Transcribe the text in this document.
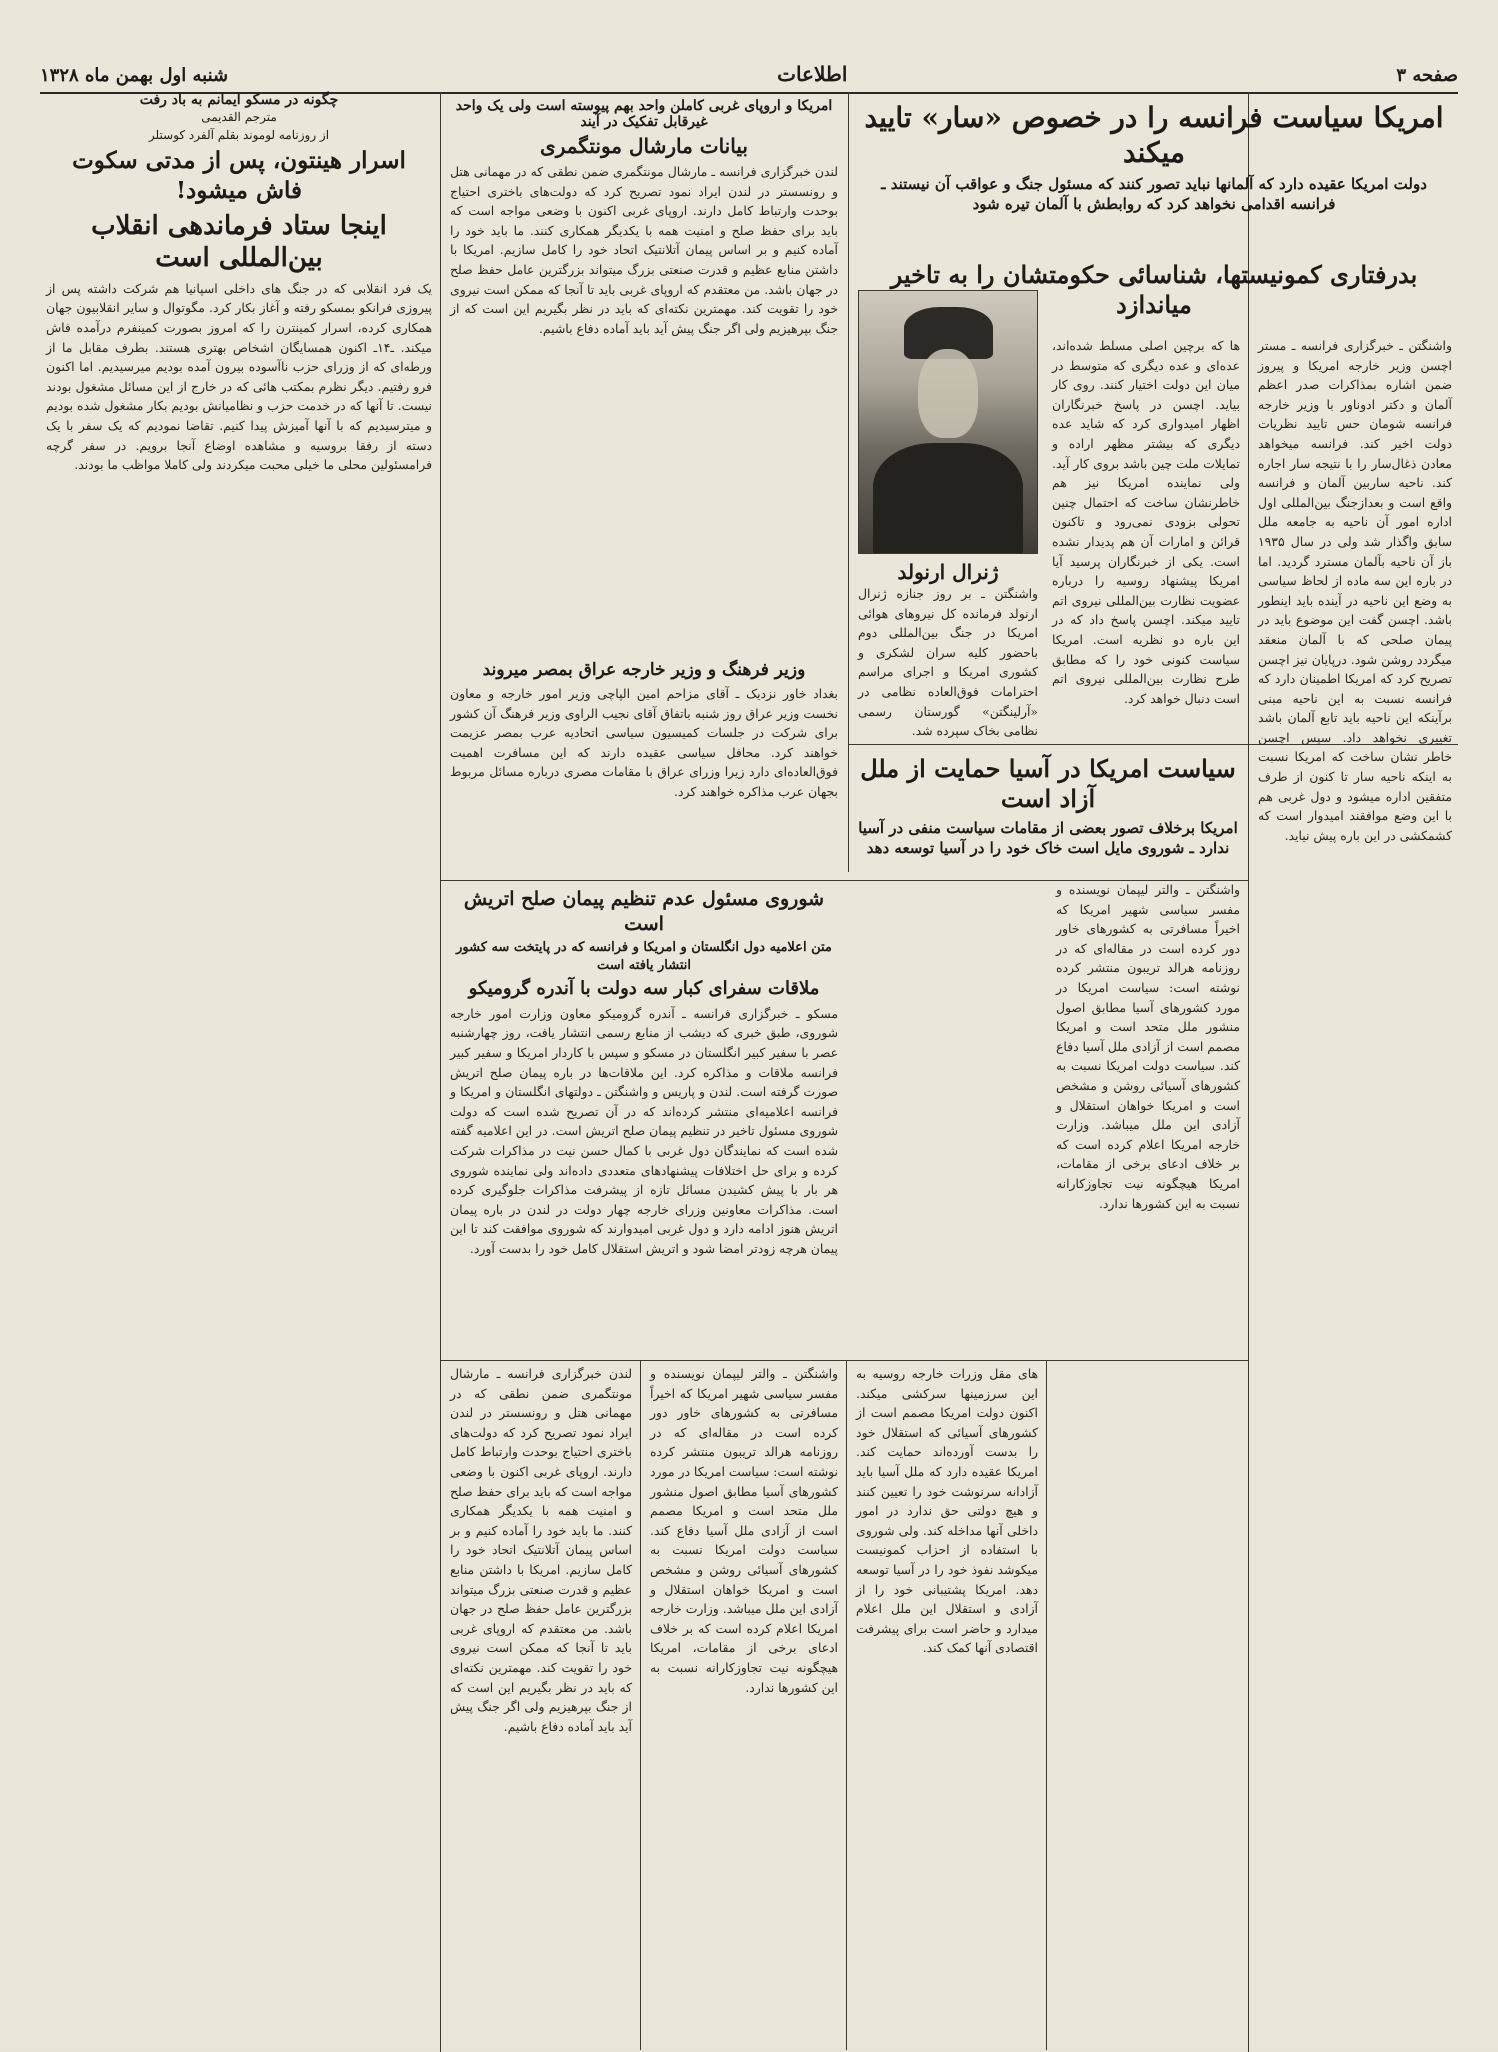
صفحه ۳
اطلاعات
شنبه اول بهمن ماه ۱۳۲۸
امریکا سیاست فرانسه را در خصوص «سار» تایید میکند
دولت امریکا عقیده دارد که آلمانها نباید تصور کنند که مسئول جنگ و عواقب آن نیستند ـ فرانسه اقدامی نخواهد کرد که روابطش با آلمان تیره شود
بدرفتاری کمونیستها، شناسائی حکومتشان را به تاخیر میاندازد
واشنگتن ـ خبرگزاری فرانسه ـ مستر اچسن وزیر خارجه امریکا و پیروز ضمن اشاره بمذاکرات صدر اعظم آلمان و دکتر ادوناور با وزیر خارجه فرانسه شومان حس تایید نظریات دولت اخیر کند. فرانسه میخواهد معادن ذغال‌سار را با نتیجه سار اجاره کند. ناحیه ساربین آلمان و فرانسه واقع است و بعدازجنگ بین‌المللی اول اداره امور آن ناحیه به جامعه ملل سابق واگذار شد ولی در سال ۱۹۳۵ باز آن ناحیه بآلمان مسترد گردید. اما در باره این سه ماده از لحاظ سیاسی به وضع این ناحیه در آینده باید اینطور باشد. اچسن گفت این موضوع باید در پیمان صلحی که با آلمان منعقد میگردد روشن شود. درپایان نیز اچسن تصریح کرد که امریکا اطمینان دارد که فرانسه نسبت به این ناحیه مبنی برآینکه این ناحیه باید تابع آلمان باشد تغییری نخواهد داد. سپس اچسن خاطر نشان ساخت که امریکا نسبت به اینکه ناحیه سار تا کنون از طرف متفقین اداره میشود و دول غربی هم با این وضع موافقند امیدوار است که کشمکشی در این باره پیش نیاید.
ها که برچین اصلی مسلط شده‌اند، عده‌ای و عده دیگری که متوسط در میان این دولت اختیار کنند. روی کار بیاید. اچسن در پاسخ خبرنگاران اظهار امیدواری کرد که شاید عده دیگری که بیشتر مظهر اراده و تمایلات ملت چین باشد بروی کار آید. ولی نماینده امریکا نیز هم خاطرنشان ساخت که احتمال چنین تحولی بزودی نمی‌رود و تاکنون قرائن و امارات آن هم پدیدار نشده است. یکی از خبرنگاران پرسید آیا امریکا پیشنهاد روسیه را درباره عضویت نظارت بین‌المللی نیروی اتم تایید میکند. اچسن پاسخ داد که در این باره دو نظریه است. امریکا سیاست کنونی خود را که مطابق طرح نظارت بین‌المللی نیروی اتم است دنبال خواهد کرد.
ژنرال ارنولد
واشنگتن ـ بر روز جنازه ژنرال ارنولد فرمانده کل نیروهای هوائی امریکا در جنگ بین‌المللی دوم باحضور کلیه سران لشکری و کشوری امریکا و اجرای مراسم احترامات فوق‌العاده نظامی در «آرلینگتن» گورستان رسمی نظامی بخاک سپرده شد.
سیاست امریکا در آسیا حمایت از ملل آزاد است
امریکا برخلاف تصور بعضی از مقامات سیاست منفی در آسیا ندارد ـ شوروی مایل است خاک خود را در آسیا توسعه دهد
واشنگتن ـ والتر لیپمان نویسنده و مفسر سیاسی شهیر امریکا که اخیراً مسافرتی به کشورهای خاور دور کرده است در مقاله‌ای که در روزنامه هرالد تریبون منتشر کرده نوشته است: سیاست امریکا در مورد کشورهای آسیا مطابق اصول منشور ملل متحد است و امریکا مصمم است از آزادی ملل آسیا دفاع کند. سیاست دولت امریکا نسبت به کشورهای آسیائی روشن و مشخص است و امریکا خواهان استقلال و آزادی این ملل میباشد. وزارت خارجه امریکا اعلام کرده است که بر خلاف ادعای برخی از مقامات، امریکا هیچگونه نیت تجاوزکارانه نسبت به این کشورها ندارد.
امریکا و اروپای غربی کاملن واحد بهم پیوسته است ولی یک واحد غیرقابل تفکیک در آیند
بیانات مارشال مونتگمری
لندن خبرگزاری فرانسه ـ مارشال مونتگمری ضمن نطقی که در مهمانی هتل و رونسستر در لندن ایراد نمود تصریح کرد که دولت‌های باختری احتیاج بوحدت وارتباط کامل دارند. اروپای غربی اکنون با وضعی مواجه است که باید برای حفظ صلح و امنیت همه با یکدیگر همکاری کنند. ما باید خود را آماده کنیم و بر اساس پیمان آتلانتیک اتحاد خود را کامل سازیم. امریکا با داشتن منابع عظیم و قدرت صنعتی بزرگ میتواند بزرگترین عامل حفظ صلح در جهان باشد. من معتقدم که اروپای غربی باید تا آنجا که ممکن است نیروی خود را تقویت کند. مهمترین نکته‌ای که باید در نظر بگیریم این است که از جنگ بپرهیزیم ولی اگر جنگ پیش آید باید آماده دفاع باشیم.
وزیر فرهنگ و وزیر خارجه عراق بمصر میروند
بغداد خاور نزدیک ـ آقای مزاحم امین الپاچی وزیر امور خارجه و معاون نخست وزیر عراق روز شنبه باتفاق آقای نجیب الراوی وزیر فرهنگ آن کشور برای شرکت در جلسات کمیسیون سیاسی اتحادیه عرب بمصر عزیمت خواهند کرد. محافل سیاسی عقیده دارند که این مسافرت اهمیت فوق‌العاده‌ای دارد زیرا وزرای عراق با مقامات مصری درباره مسائل مربوط بجهان عرب مذاکره خواهند کرد.
چگونه در مسکو ایمانم به باد رفت
مترجم القدیمی
از روزنامه لوموند بقلم آلفرد کوستلر
اسرار هینتون، پس از مدتی سکوت فاش میشود!
اینجا ستاد فرماندهی انقلاب بین‌المللی است
یک فرد انقلابی که در جنگ های داخلی اسپانیا هم شرکت داشته پس از پیروزی فرانکو بمسکو رفته و آغاز بکار کرد. مگوتوال و سایر انقلابیون جهان همکاری کرده، اسرار کمینترن را که امروز بصورت کمینفرم درآمده فاش میکند. ـ۱۴ـ اکنون همسایگان اشخاص بهتری هستند. بطرف مقابل ما از ورطه‌ای که از وزرای حزب ناآسوده بیرون آمده بودیم میرسیدیم. اما اکنون فرو رفتیم. دیگر نظرم بمکتب هائی که در خارج از این مسائل مشغول بودند نیست. تا آنها که در خدمت حزب و نظامیانش بودیم بکار مشغول شده بودیم و میترسیدیم که با آنها آمیزش پیدا کنیم. تقاضا نمودیم که یک سفر با یک دسته از رفقا بروسیه و مشاهده اوضاع آنجا برویم. در سفر گرچه فرامسئولین محلی ما خیلی محبت میکردند ولی کاملا مواظب ما بودند.
شوروی مسئول عدم تنظیم پیمان صلح اتریش است
متن اعلامیه دول انگلستان و امریکا و فرانسه که در پایتخت سه کشور انتشار یافته است
ملاقات سفرای کبار سه دولت با آندره گرومیکو
مسکو ـ خبرگزاری فرانسه ـ آندره گرومیکو معاون وزارت امور خارجه شوروی، طبق خبری که دیشب از منابع رسمی انتشار یافت، روز چهارشنبه عصر با سفیر کبیر انگلستان در مسکو و سپس با کاردار امریکا و سفیر کبیر فرانسه ملاقات و مذاکره کرد. این ملاقات‌ها در باره پیمان صلح اتریش صورت گرفته است. لندن و پاریس و واشنگتن ـ دولتهای انگلستان و امریکا و فرانسه اعلامیه‌ای منتشر کرده‌اند که در آن تصریح شده است که دولت شوروی مسئول تاخیر در تنظیم پیمان صلح اتریش است. در این اعلامیه گفته شده است که نمایندگان دول غربی با کمال حسن نیت در مذاکرات شرکت کرده و برای حل اختلافات پیشنهادهای متعددی داده‌اند ولی نماینده شوروی هر بار با پیش کشیدن مسائل تازه از پیشرفت مذاکرات جلوگیری کرده است. مذاکرات معاونین وزرای خارجه چهار دولت در لندن در باره پیمان اتریش هنوز ادامه دارد و دول غربی امیدوارند که شوروی موافقت کند تا این پیمان هرچه زودتر امضا شود و اتریش استقلال کامل خود را بدست آورد.
هاى مقل وزرات خارجه روسيه به این سرزمینها سرکشی میکند. اکنون دولت امریکا مصمم است از کشورهای آسیائی که استقلال خود را بدست آورده‌اند حمایت کند. امریکا عقیده دارد که ملل آسیا باید آزادانه سرنوشت خود را تعیین کنند و هیچ دولتی حق ندارد در امور داخلی آنها مداخله کند. ولی شوروی با استفاده از احزاب کمونیست میکوشد نفوذ خود را در آسیا توسعه دهد. امریکا پشتیبانی خود را از آزادی و استقلال این ملل اعلام میدارد و حاضر است برای پیشرفت اقتصادی آنها کمک کند.
واشنگتن ـ والتر لیپمان نویسنده و مفسر سیاسی شهیر امریکا که اخیراً مسافرتی به کشورهای خاور دور کرده است در مقاله‌ای که در روزنامه هرالد تریبون منتشر کرده نوشته است: سیاست امریکا در مورد کشورهای آسیا مطابق اصول منشور ملل متحد است و امریکا مصمم است از آزادی ملل آسیا دفاع کند. سیاست دولت امریکا نسبت به کشورهای آسیائی روشن و مشخص است و امریکا خواهان استقلال و آزادی این ملل میباشد. وزارت خارجه امریکا اعلام کرده است که بر خلاف ادعای برخی از مقامات، امریکا هیچگونه نیت تجاوزکارانه نسبت به این کشورها ندارد.
لندن خبرگزاری فرانسه ـ مارشال مونتگمری ضمن نطقی که در مهمانی هتل و رونسستر در لندن ایراد نمود تصریح کرد که دولت‌های باختری احتیاج بوحدت وارتباط کامل دارند. اروپای غربی اکنون با وضعی مواجه است که باید برای حفظ صلح و امنیت همه با یکدیگر همکاری کنند. ما باید خود را آماده کنیم و بر اساس پیمان آتلانتیک اتحاد خود را کامل سازیم. امریکا با داشتن منابع عظیم و قدرت صنعتی بزرگ میتواند بزرگترین عامل حفظ صلح در جهان باشد. من معتقدم که اروپای غربی باید تا آنجا که ممکن است نیروی خود را تقویت کند. مهمترین نکته‌ای که باید در نظر بگیریم این است که از جنگ بپرهیزیم ولی اگر جنگ پیش آید باید آماده دفاع باشیم.
